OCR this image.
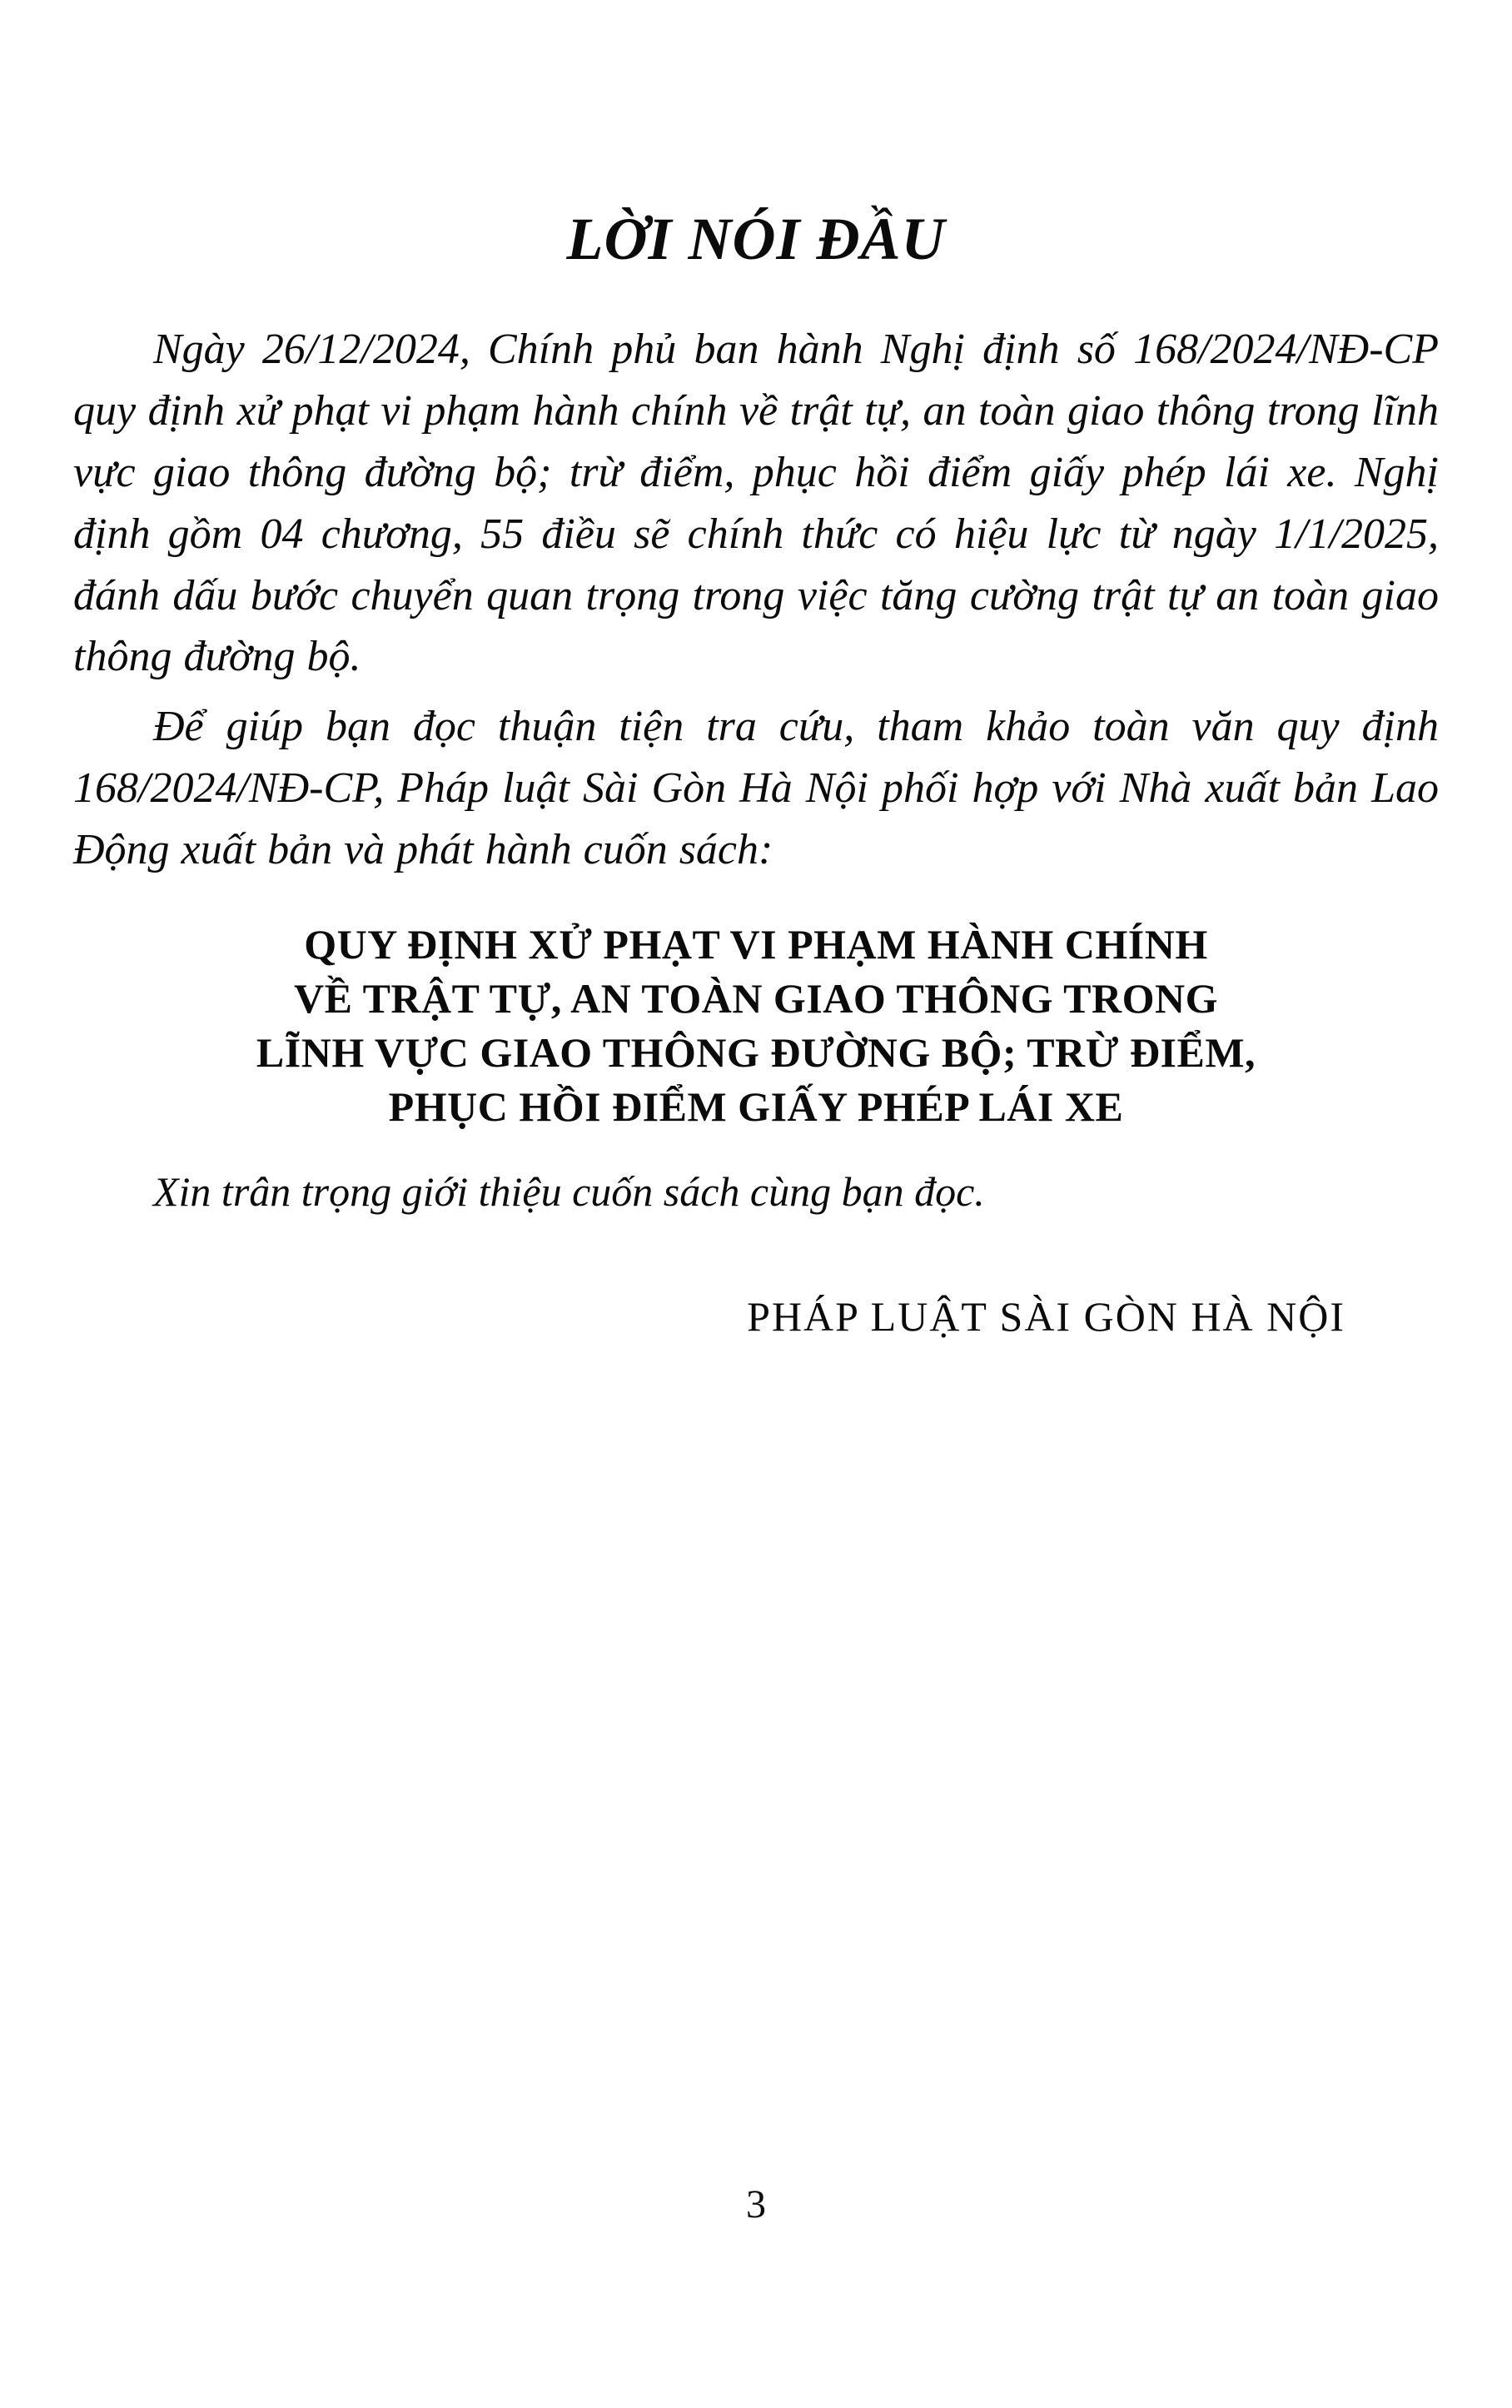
LỜI NÓI ĐẦU

Ngày 26/12/2024, Chính phủ ban hành Nghị định số 168/2024/NĐ-CP quy định xử phạt vi phạm hành chính về trật tự, an toàn giao thông trong lĩnh vực giao thông đường bộ; trừ điểm, phục hồi điểm giấy phép lái xe. Nghị định gồm 04 chương, 55 điều sẽ chính thức có hiệu lực từ ngày 1/1/2025, đánh dấu bước chuyển quan trọng trong việc tăng cường trật tự an toàn giao thông đường bộ.

Để giúp bạn đọc thuận tiện tra cứu, tham khảo toàn văn quy định 168/2024/NĐ-CP, Pháp luật Sài Gòn Hà Nội phối hợp với Nhà xuất bản Lao Động xuất bản và phát hành cuốn sách:

QUY ĐỊNH XỬ PHẠT VI PHẠM HÀNH CHÍNH
VỀ TRẬT TỰ, AN TOÀN GIAO THÔNG TRONG
LĨNH VỰC GIAO THÔNG ĐƯỜNG BỘ; TRỪ ĐIỂM,
PHỤC HỒI ĐIỂM GIẤY PHÉP LÁI XE

Xin trân trọng giới thiệu cuốn sách cùng bạn đọc.

PHÁP LUẬT SÀI GÒN HÀ NỘI

3
